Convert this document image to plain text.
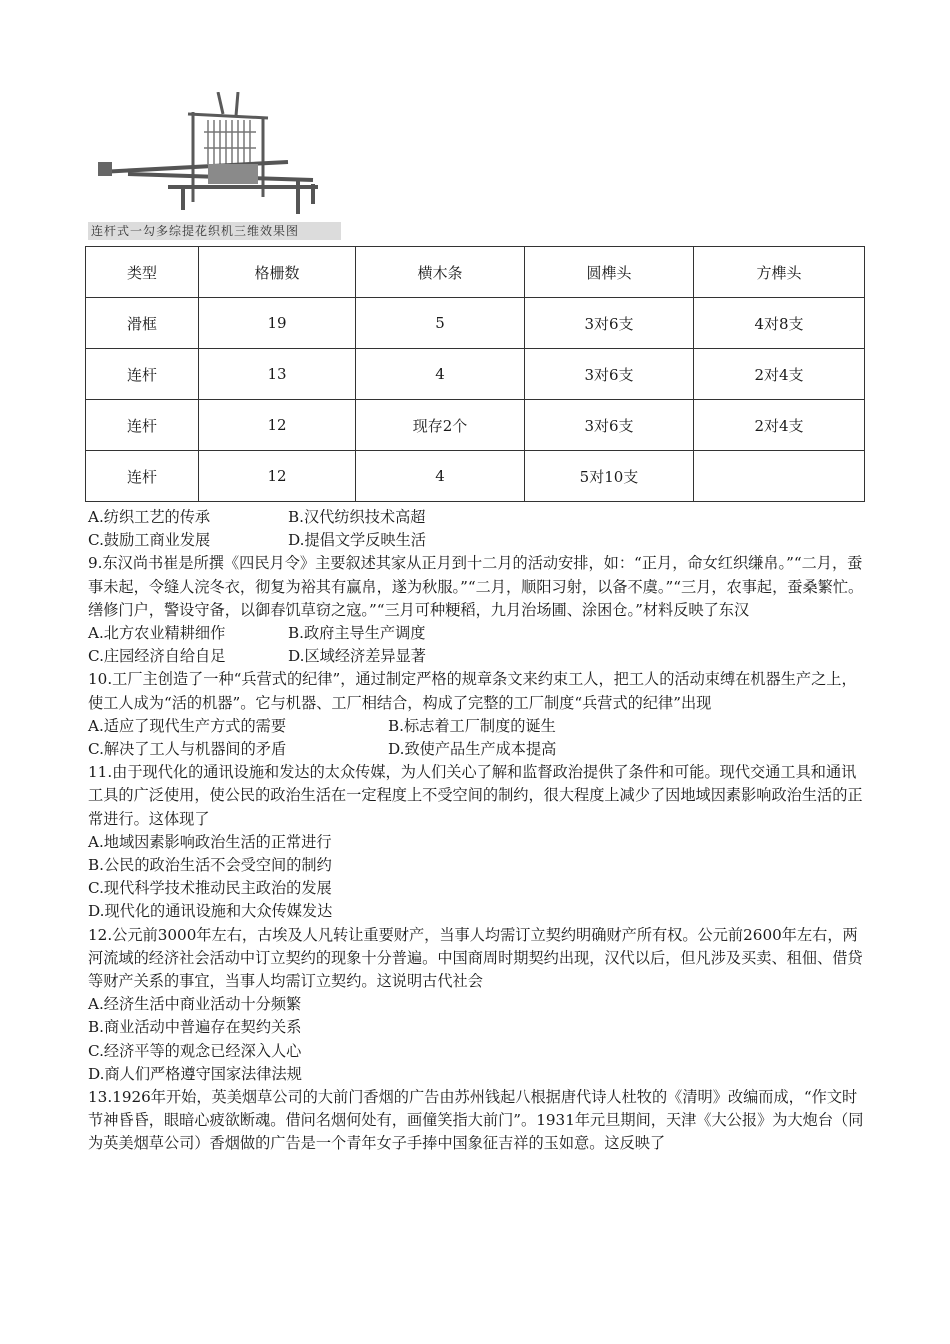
连杆式一勾多综提花织机三维效果图
类型	格栅数	横木条	圆榫头	方榫头
滑框	19	5	3对6支	4对8支
连杆	13	4	3对6支	2对4支
连杆	12	现存2个	3对6支	2对4支
连杆	12	4	5对10支	
A.纺织工艺的传承	B.汉代纺织技术高超
C.鼓励工商业发展	D.提倡文学反映生活

9.东汉尚书崔是所撰《四民月令》主要叙述其家从正月到十二月的活动安排，如：“正月，命女红织缣帛。”“二月，蚕事未起，令缝人浣冬衣，彻复为裕其有赢帛，遂为秋服。”“二月，顺阳习射，以备不虞。”“三月，农事起，蚕桑繁忙。缮修门户，警设守备，以御春饥草窃之寇。”“三月可种粳稻，九月治场圃、涂困仓。”材料反映了东汉

A.北方农业精耕细作	B.政府主导生产调度
C.庄园经济自给自足	D.区域经济差异显著

10.工厂主创造了一种“兵营式的纪律”，通过制定严格的规章条文来约束工人，把工人的活动束缚在机器生产之上，使工人成为“活的机器”。它与机器、工厂相结合，构成了完整的工厂制度“兵营式的纪律”出现

A.适应了现代生产方式的需要	B.标志着工厂制度的诞生
C.解决了工人与机器间的矛盾	D.致使产品生产成本提高

11.由于现代化的通讯设施和发达的太众传媒，为人们关心了解和监督政治提供了条件和可能。现代交通工具和通讯工具的广泛使用，使公民的政治生活在一定程度上不受空间的制约，很大程度上减少了因地域因素影响政治生活的正常进行。这体现了

A.地域因素影响政治生活的正常进行

B.公民的政治生活不会受空间的制约

C.现代科学技术推动民主政治的发展

D.现代化的通讯设施和大众传媒发达

12.公元前3000年左右，古埃及人凡转让重要财产，当事人均需订立契约明确财产所有权。公元前2600年左右，两河流域的经济社会活动中订立契约的现象十分普遍。中国商周时期契约出现，汉代以后，但凡涉及买卖、租佃、借贷等财产关系的事宜，当事人均需订立契约。这说明古代社会

A.经济生活中商业活动十分频繁

B.商业活动中普遍存在契约关系

C.经济平等的观念已经深入人心

D.商人们严格遵守国家法律法规

13.1926年开始，英美烟草公司的大前门香烟的广告由苏州钱起八根据唐代诗人杜牧的《清明》改编而成，“作文时节神昏昏，眼暗心疲欲断魂。借问名烟何处有，画僮笑指大前门”。1931年元旦期间，天津《大公报》为大炮台（同为英美烟草公司）香烟做的广告是一个青年女子手捧中国象征吉祥的玉如意。这反映了
